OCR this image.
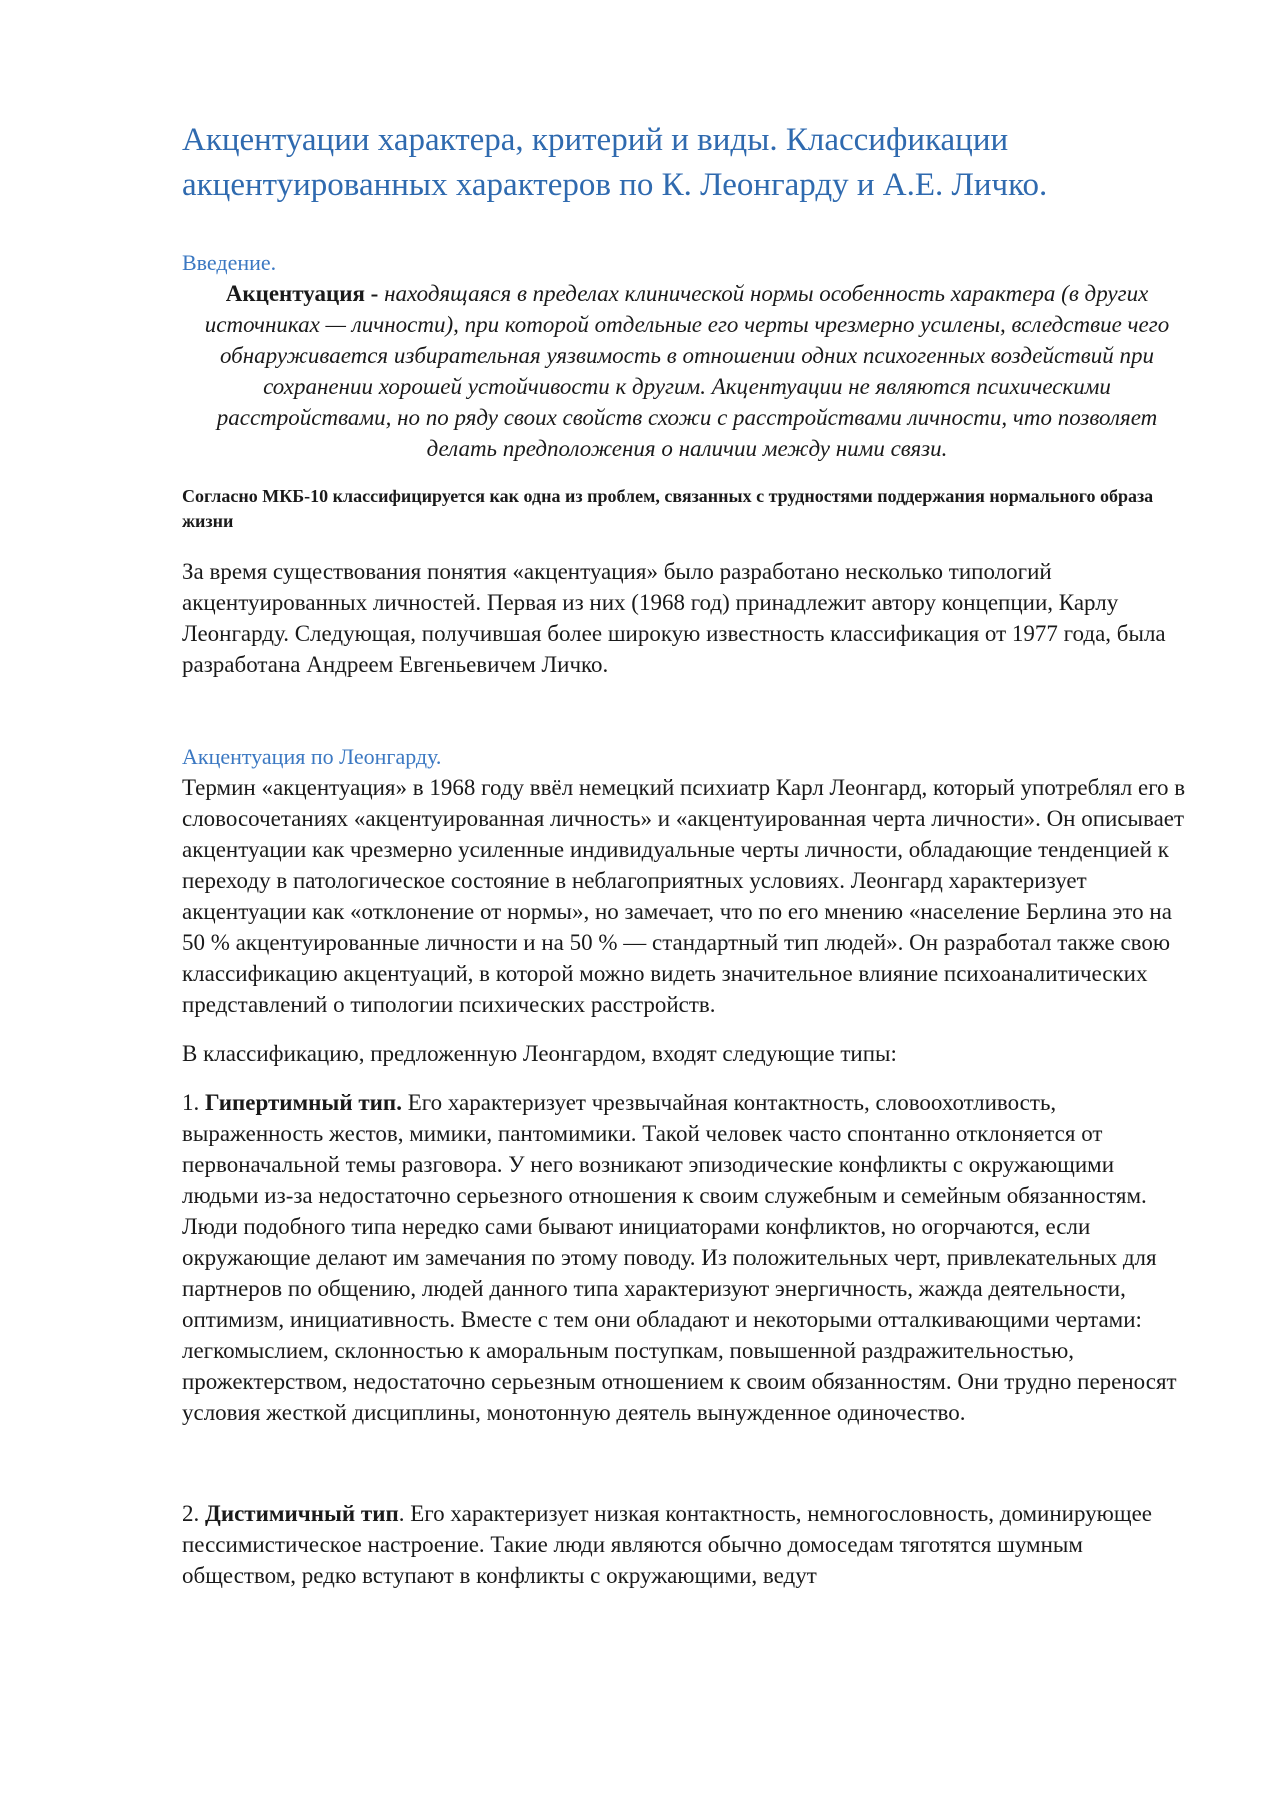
Акцентуации характера, критерий и виды. Классификации акцентуированных характеров по К. Леонгарду и А.Е. Личко.
Введение.

Акцентуация - находящаяся в пределах клинической нормы особенность характера (в других источниках — личности), при которой отдельные его черты чрезмерно усилены, вследствие чего обнаруживается избирательная уязвимость в отношении одних психогенных воздействий при сохранении хорошей устойчивости к другим. Акцентуации не являются психическими расстройствами, но по ряду своих свойств схожи с расстройствами личности, что позволяет делать предположения о наличии между ними связи.

Согласно МКБ-10 классифицируется как одна из проблем, связанных с трудностями поддержания нормального образа жизни

За время существования понятия «акцентуация» было разработано несколько типологий акцентуированных личностей. Первая из них (1968 год) принадлежит автору концепции, Карлу Леонгарду. Следующая, получившая более широкую известность классификация от 1977 года, была разработана Андреем Евгеньевичем Личко.

Акцентуация по Леонгарду.

Термин «акцентуация» в 1968 году ввёл немецкий психиатр Карл Леонгард, который употреблял его в словосочетаниях «акцентуированная личность» и «акцентуированная черта личности». Он описывает акцентуации как чрезмерно усиленные индивидуальные черты личности, обладающие тенденцией к переходу в патологическое состояние в неблагоприятных условиях. Леонгард характеризует акцентуации как «отклонение от нормы», но замечает, что по его мнению «население Берлина это на 50 % акцентуированные личности и на 50 % — стандартный тип людей». Он разработал также свою классификацию акцентуаций, в которой можно видеть значительное влияние психоаналитических представлений о типологии психических расстройств.

В классификацию, предложенную Леонгардом, входят следующие типы:

1. Гипертимный тип. Его характеризует чрезвычайная контактность, словоохотливость, выраженность жестов, мимики, пантомимики. Такой человек часто спонтанно отклоняется от первоначальной темы разговора. У него возникают эпизодические конфликты с окружающими людьми из-за недостаточно серьезного отношения к своим служебным и семейным обязанностям. Люди подобного типа нередко сами бывают инициаторами конфликтов, но огорчаются, если окружающие делают им замечания по этому поводу. Из положительных черт, привлекательных для партнеров по общению, людей данного типа характеризуют энергичность, жажда деятельности, оптимизм, инициативность. Вместе с тем они обладают и некоторыми отталкивающими чертами: легкомыслием, склонностью к аморальным поступкам, повышенной раздражительностью, прожектерством, недостаточно серьезным отношением к своим обязанностям. Они трудно переносят условия жесткой дисциплины, монотонную деятель вынужденное одиночество.

2. Дистимичный тип. Его характеризует низкая контактность, немногословность, доминирующее пессимистическое настроение. Такие люди являются обычно домоседам тяготятся шумным обществом, редко вступают в конфликты с окружающими, ведут
